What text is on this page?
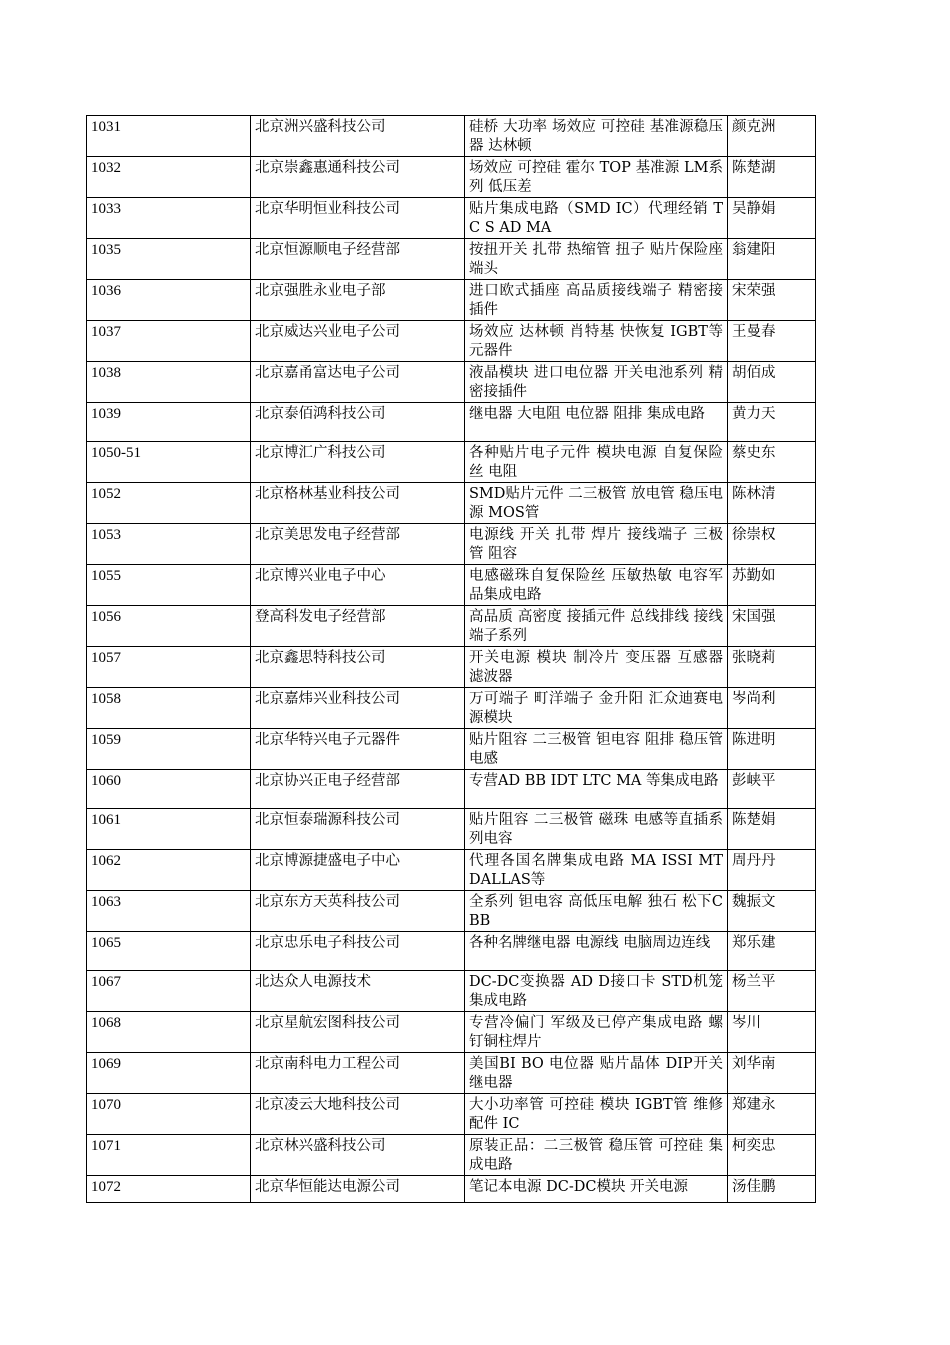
1031	北京洲兴盛科技公司	硅桥 大功率 场效应 可控硅 基准源稳压器 达林顿	颜克洲
1032	北京崇鑫惠通科技公司	场效应 可控硅 霍尔 TOP 基准源 LM系列 低压差	陈楚湖
1033	北京华明恒业科技公司	贴片集成电路（SMD IC）代理经销 TC S AD MA	吴静娟
1035	北京恒源顺电子经营部	按扭开关 扎带 热缩管 扭子 贴片保险座 端头	翁建阳
1036	北京强胜永业电子部	进口欧式插座 高品质接线端子 精密接插件	宋荣强
1037	北京威达兴业电子公司	场效应 达林顿 肖特基 快恢复 IGBT等元器件	王曼春
1038	北京嘉甬富达电子公司	液晶模块 进口电位器 开关电池系列 精密接插件	胡佰成
1039	北京泰佰鸿科技公司	继电器 大电阻 电位器 阻排 集成电路	黄力天
1050-51	北京博汇广科技公司	各种贴片电子元件 模块电源 自复保险丝 电阻	蔡史东
1052	北京格林基业科技公司	SMD贴片元件 二三极管 放电管 稳压电源 MOS管	陈林清
1053	北京美思发电子经营部	电源线 开关 扎带 焊片 接线端子 三极管 阻容	徐崇权
1055	北京博兴业电子中心	电感磁珠自复保险丝 压敏热敏 电容军品集成电路	苏勤如
1056	登高科发电子经营部	高品质 高密度 接插元件 总线排线 接线端子系列	宋国强
1057	北京鑫思特科技公司	开关电源 模块 制冷片 变压器 互感器 滤波器	张晓莉
1058	北京嘉炜兴业科技公司	万可端子 町洋端子 金升阳 汇众迪赛电源模块	岑尚利
1059	北京华特兴电子元器件	贴片阻容 二三极管 钽电容 阻排 稳压管 电感	陈进明
1060	北京协兴正电子经营部	专营AD BB IDT LTC MA 等集成电路	彭峡平
1061	北京恒泰瑞源科技公司	贴片阻容 二三极管 磁珠 电感等直插系列电容	陈楚娟
1062	北京博源捷盛电子中心	代理各国名牌集成电路 MA ISSI MT DALLAS等	周丹丹
1063	北京东方天英科技公司	全系列 钽电容 高低压电解 独石 松下CBB	魏振文
1065	北京忠乐电子科技公司	各种名牌继电器 电源线 电脑周边连线	郑乐建
1067	北达众人电源技术	DC-DC变换器 AD D接口卡 STD机笼 集成电路	杨兰平
1068	北京星航宏图科技公司	专营冷偏门 军级及已停产集成电路 螺钉铜柱焊片	岑川
1069	北京南科电力工程公司	美国BI BO 电位器 贴片晶体 DIP开关继电器	刘华南
1070	北京凌云大地科技公司	大小功率管 可控硅 模块 IGBT管 维修配件 IC	郑建永
1071	北京林兴盛科技公司	原装正品：二三极管 稳压管 可控硅 集成电路	柯奕忠
1072	北京华恒能达电源公司	笔记本电源 DC-DC模块 开关电源	汤佳鹏
